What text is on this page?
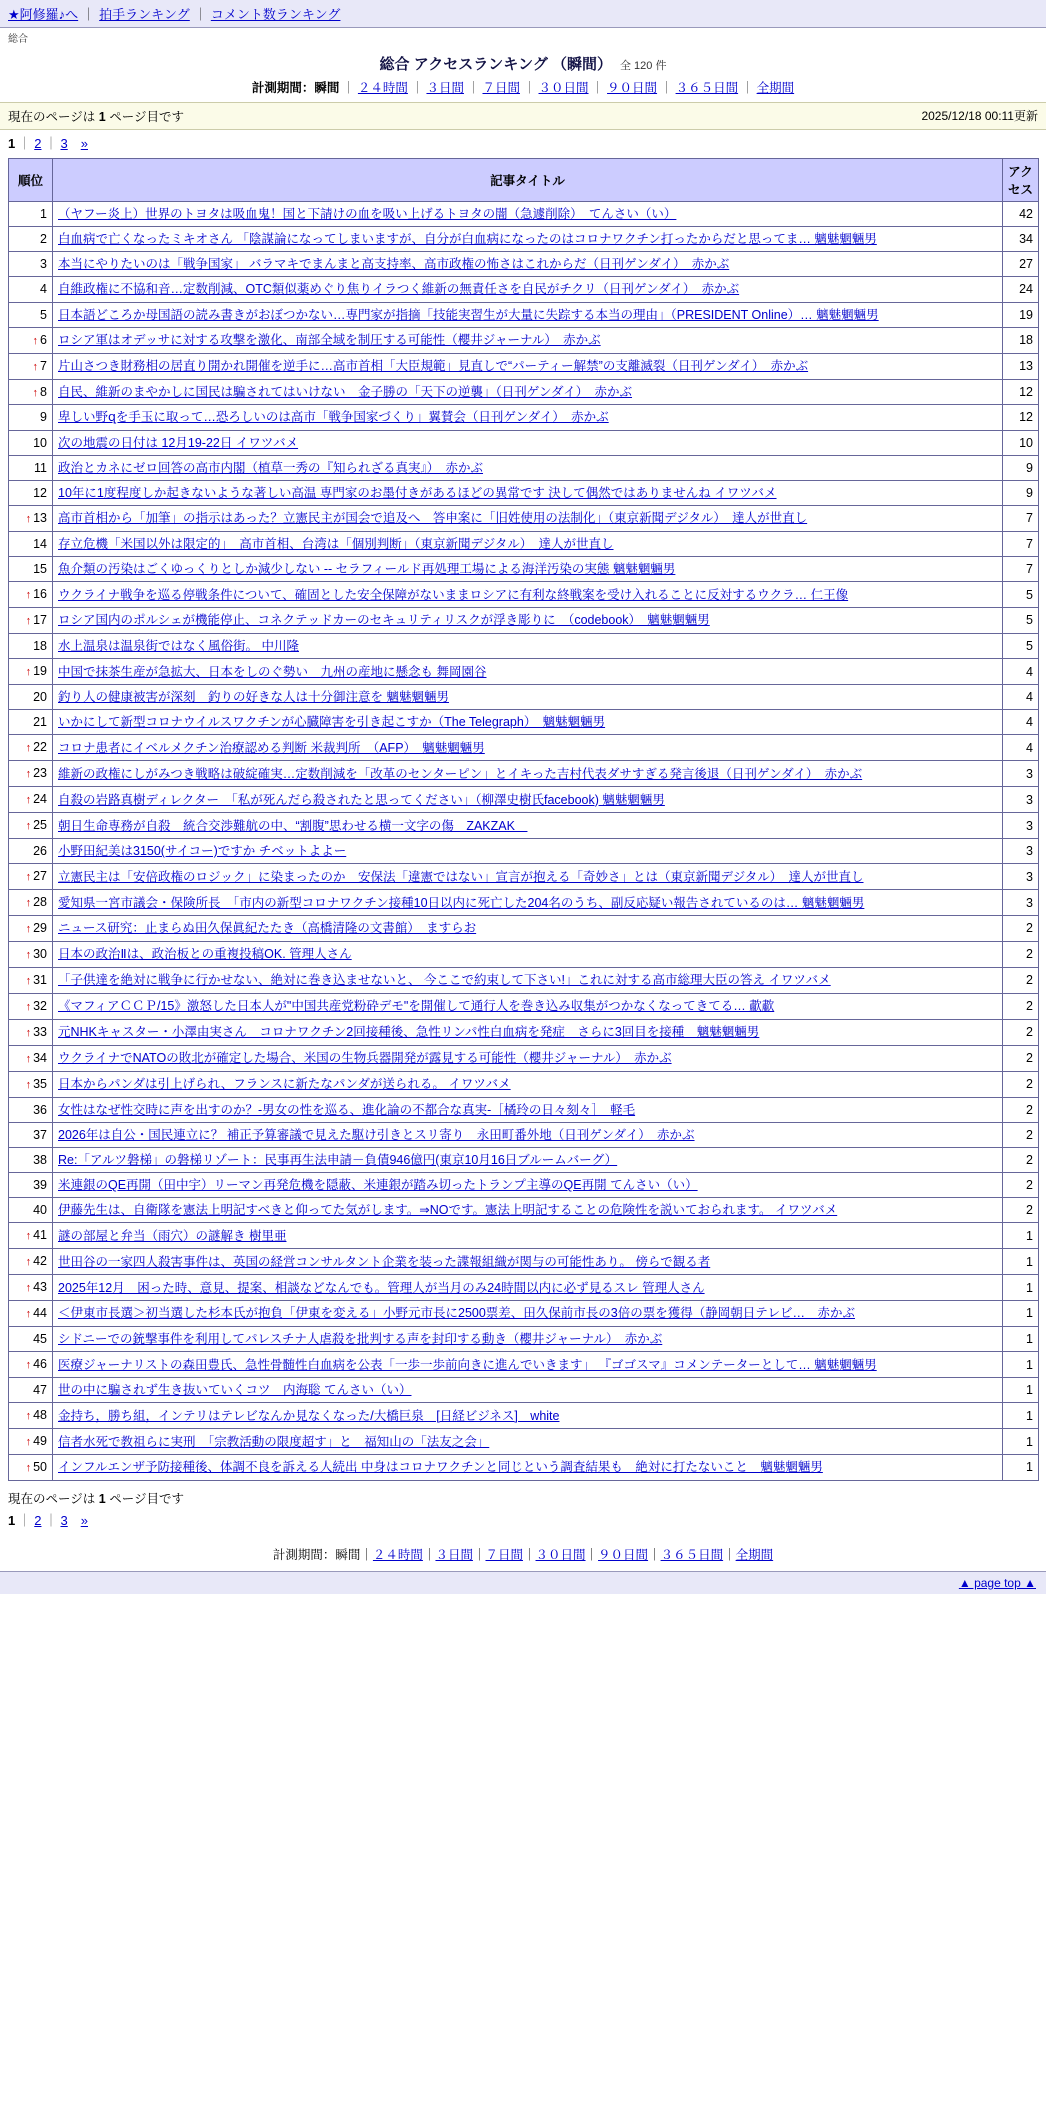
★阿修羅♪へ ｜ 拍手ランキング ｜ コメント数ランキング
総合
総合 アクセスランキング （瞬間） 全 120 件
計測期間：瞬間 ｜ ２４時間 ｜ ３日間 ｜ ７日間 ｜ ３０日間 ｜ ９０日間 ｜ ３６５日間 ｜ 全期間
2025/12/18 00:11更新
現在のページは 1 ページ目です
1 ｜ 2 ｜ 3　 »
順位	記事タイトル	アクセス
1	（ヤフー炎上）世界のトヨタは吸血鬼！国と下請けの血を吸い上げるトヨタの闇（急遽削除）　てんさい（い）	42
2	白血病で亡くなったミキオさん 「陰謀論になってしまいますが、自分が白血病になったのはコロナワクチン打ったからだと思ってま… 魑魅魍魎男	34
3	本当にやりたいのは「戦争国家」 バラマキでまんまと高支持率、高市政権の怖さはこれからだ（日刊ゲンダイ）　赤かぶ	27
4	自維政権に不協和音…定数削減、OTC類似薬めぐり焦りイラつく維新の無責任さを自民がチクリ（日刊ゲンダイ）　赤かぶ	24
5	日本語どころか母国語の読み書きがおぼつかない…専門家が指摘「技能実習生が大量に失踪する本当の理由」（PRESIDENT Online）… 魑魅魍魎男	19
↑ 6	ロシア軍はオデッサに対する攻撃を激化、南部全域を制圧する可能性（櫻井ジャーナル）　赤かぶ	18
↑ 7	片山さつき財務相の居直り開かれ開催を逆手に…高市首相「大臣規範」見直しで“パーティー解禁”の支離滅裂（日刊ゲンダイ）　赤かぶ	13
↑ 8	自民、維新のまやかしに国民は騙されてはいけない　金子勝の「天下の逆襲」（日刊ゲンダイ）　赤かぶ	12
9	卑しい野զを手玉に取って…恐ろしいのは高市「戦争国家づくり」翼賛会（日刊ゲンダイ）　赤かぶ	12
10	次の地震の日付は 12月19-22日 イワツバメ	10
11	政治とカネにゼロ回答の高市内閣（植草一秀の『知られざる真実』）　赤かぶ	9
12	10年に1度程度しか起きないような著しい高温 専門家のお墨付きがあるほどの異常です 決して偶然ではありませんね イワツバメ	9
↑ 13	高市首相から「加筆」の指示はあった？立憲民主が国会で追及へ　答申案に「旧姓使用の法制化」（東京新聞デジタル）　達人が世直し	7
14	存立危機「米国以外は限定的」　高市首相、台湾は「個別判断」（東京新聞デジタル）　達人が世直し	7
15	魚介類の汚染はごくゆっくりとしか減少しない -- セラフィールド再処理工場による海洋汚染の実態 魑魅魍魎男	7
↑ 16	ウクライナ戦争を巡る停戦条件について、確固とした安全保障がないままロシアに有利な終戦案を受け入れることに反対するウクラ… 仁王像	5
↑ 17	ロシア国内のポルシェが機能停止、コネクテッドカーのセキュリティリスクが浮き彫りに　（codebook）　魑魅魍魎男	5
18	水上温泉は温泉街ではなく風俗街。 中川隆	5
↑ 19	中国で抹茶生産が急拡大、日本をしのぐ勢い　九州の産地に懸念も 舞岡園谷	4
20	釣り人の健康被害が深刻　釣りの好きな人は十分御注意を 魑魅魍魎男	4
21	いかにして新型コロナウイルスワクチンが心臓障害を引き起こすか（The Telegraph）　魑魅魍魎男	4
↑ 22	コロナ患者にイベルメクチン治療認める判断 米裁判所　（AFP）　魑魅魍魎男	4
↑ 23	維新の政権にしがみつき戦略は破綻確実…定数削減を「改革のセンターピン」とイキった吉村代表ダサすぎる発言後退（日刊ゲンダイ）　赤かぶ	3
↑ 24	自殺の岩路真樹ディレクター　「私が死んだら殺されたと思ってください」（柳澤史樹氏facebook) 魑魅魍魎男	3
↑ 25	朝日生命専務が自殺　統合交渉難航の中、“割腹”思わせる横一文字の傷　ZAKZAK　	3
26	小野田紀美は3150(サイコー)ですか チベットよよー	3
↑ 27	立憲民主は「安倍政権のロジック」に染まったのか　安保法「違憲ではない」宣言が抱える「奇妙さ」とは（東京新聞デジタル）　達人が世直し	3
↑ 28	愛知県一宮市議会・保険所長　「市内の新型コロナワクチン接種10日以内に死亡した204名のうち、副反応疑い報告されているのは… 魑魅魍魎男	3
↑ 29	ニュース研究：止まらぬ田久保眞紀たたき（高橋清隆の文書館）　ますらお	2
↑ 30	日本の政治Ⅱは、政治板との重複投稿OK. 管理人さん	2
↑ 31	「子供達を絶対に戦争に行かせない、絶対に巻き込ませないと、 今ここで約束して下さい!」これに対する高市総理大臣の答え イワツバメ	2
↑ 32	《マフィアＣＣＰ/15》激怒した日本人が"中国共産党粉砕デモ"を開催して通行人を巻き込み収集がつかなくなってきてる… 歗歗	2
↑ 33	元NHKキャスター・小澤由実さん　コロナワクチン2回接種後、急性リンパ性白血病を発症　さらに3回目を接種　魑魅魍魎男	2
↑ 34	ウクライナでNATOの敗北が確定した場合、米国の生物兵器開発が露見する可能性（櫻井ジャーナル）　赤かぶ	2
↑ 35	日本からパンダは引上げられ、フランスに新たなパンダが送られる。 イワツバメ	2
36	女性はなぜ性交時に声を出すのか？-男女の性を巡る、進化論の不都合な真実-［橘玲の日々刻々］　軽毛	2
37	2026年は自公・国民連立に？ 補正予算審議で見えた駆け引きとスリ寄り　永田町番外地（日刊ゲンダイ）　赤かぶ	2
38	Re:「アルツ磐梯」の磐梯リゾート：民事再生法申請－負債946億円(東京10月16日ブルームバーグ）	2
39	米連銀のQE再開（田中宇）リーマン再発危機を隠蔽、米連銀が踏み切ったトランプ主導のQE再開 てんさい（い）	2
40	伊藤先生は、自衛隊を憲法上明記すべきと仰ってた気がします。⇒NOです。憲法上明記することの危険性を説いておられます。 イワツバメ	2
↑ 41	謎の部屋と弁当（雨穴）の謎解き 樹里亜	1
↑ 42	世田谷の一家四人殺害事件は、英国の経営コンサルタント企業を装った諜報組織が関与の可能性あり。 傍らで観る者	1
↑ 43	2025年12月　困った時、意見、提案、相談などなんでも。管理人が当月のみ24時間以内に必ず見るスレ 管理人さん	1
↑ 44	＜伊東市長選＞初当選した杉本氏が抱負「伊東を変える」小野元市長に2500票差、田久保前市長の3倍の票を獲得（静岡朝日テレビ…　赤かぶ	1
45	シドニーでの銃撃事件を利用してパレスチナ人虐殺を批判する声を封印する動き（櫻井ジャーナル）　赤かぶ	1
↑ 46	医療ジャーナリストの森田豊氏、急性骨髄性白血病を公表「一歩一歩前向きに進んでいきます」 『ゴゴスマ』コメンテーターとして… 魑魅魍魎男	1
47	世の中に騙されず生き抜いていくコツ　内海聡 てんさい（い）	1
↑ 48	金持ち，勝ち組，インテリはテレビなんか見なくなった/大橋巨泉　[日経ビジネス]　white	1
↑ 49	信者水死で教祖らに実刑　「宗教活動の限度超す」と　福知山の「法友之会」	1
↑ 50	インフルエンザ予防接種後、体調不良を訴える人続出 中身はコロナワクチンと同じという調査結果も　絶対に打たないこと　魑魅魍魎男	1
現在のページは 1 ページ目です
1 ｜ 2 ｜ 3　 »
計測期間：瞬間｜２４時間｜３日間｜７日間｜３０日間｜９０日間｜３６５日間｜全期間
▲ page top ▲
